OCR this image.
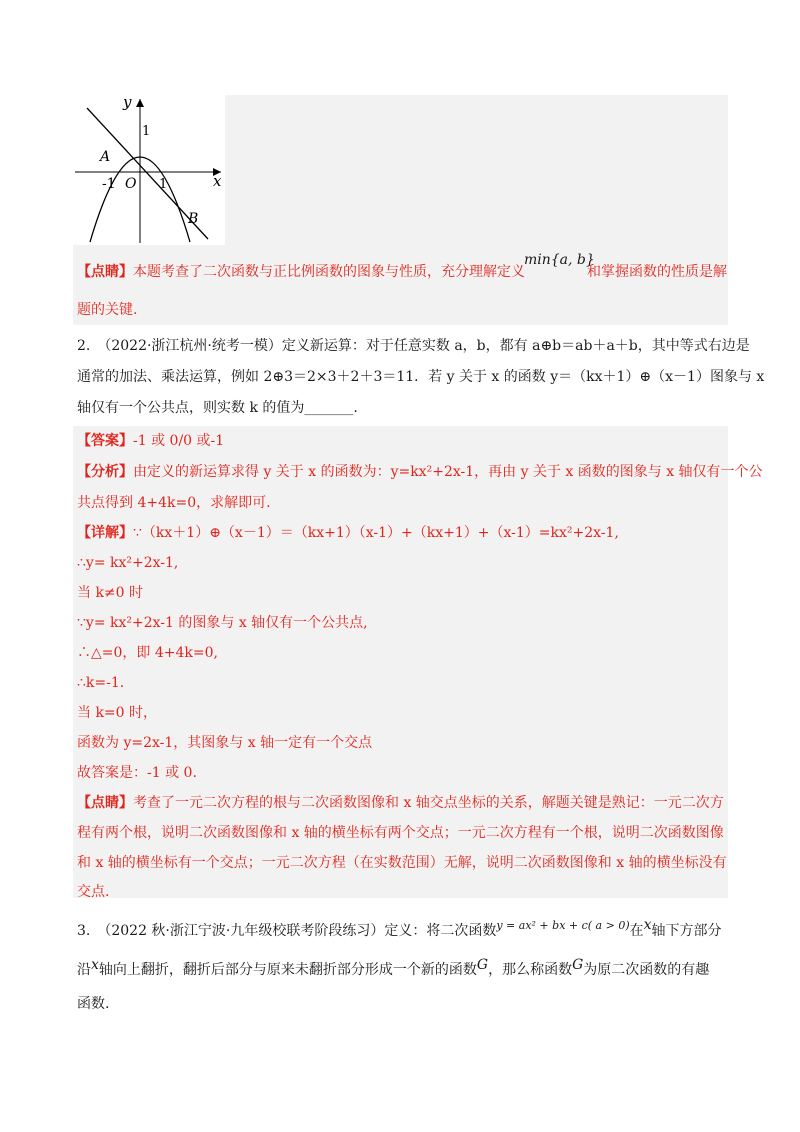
y
x
1
A
-1 O 1
B
【点睛】本题考查了二次函数与正比例函数的图象与性质，充分理解定义	和掌握函数的性质是解
min{a, b}
题的关键.
2.　（2022·浙江杭州·统考一模）定义新运算：对于任意实数 a，b，都有 a⊕b＝ab＋a＋b，其中等式右边是
通常的加法、乘法运算，例如 2⊕3＝2×3＋2＋3＝11．若 y 关于 x 的函数 y＝（kx＋1）⊕（x－1）图象与 x
轴仅有一个公共点，则实数 k 的值为_______.
【答案】-1 或 0/0 或-1
【分析】由定义的新运算求得 y 关于 x 的函数为：y=kx²+2x-1，再由 y 关于 x 函数的图象与 x 轴仅有一个公
共点得到 4+4k=0，求解即可.
【详解】∵（kx＋1）⊕（x－1）＝（kx+1）（x-1）+（kx+1）+（x-1）=kx²+2x-1,
∴y= kx²+2x-1,
当 k≠0 时
∵y= kx²+2x-1 的图象与 x 轴仅有一个公共点,
∴△=0，即 4+4k=0,
∴k=-1.
当 k=0 时，
函数为 y=2x-1，其图象与 x 轴一定有一个交点
故答案是：-1 或 0.
【点睛】考查了一元二次方程的根与二次函数图像和 x 轴交点坐标的关系，解题关键是熟记：一元二次方
程有两个根，说明二次函数图像和 x 轴的横坐标有两个交点；一元二次方程有一个根，说明二次函数图像
和 x 轴的横坐标有一个交点；一元二次方程（在实数范围）无解，说明二次函数图像和 x 轴的横坐标没有
交点.
3.　（2022 秋·浙江宁波·九年级校联考阶段练习）定义：将二次函数$^{y = ax^2 + bx + c( a > 0)}$在x轴下方部分
沿x轴向上翻折，翻折后部分与原来未翻折部分形成一个新的函数G，那么称函数G为原二次函数的有趣
函数.
